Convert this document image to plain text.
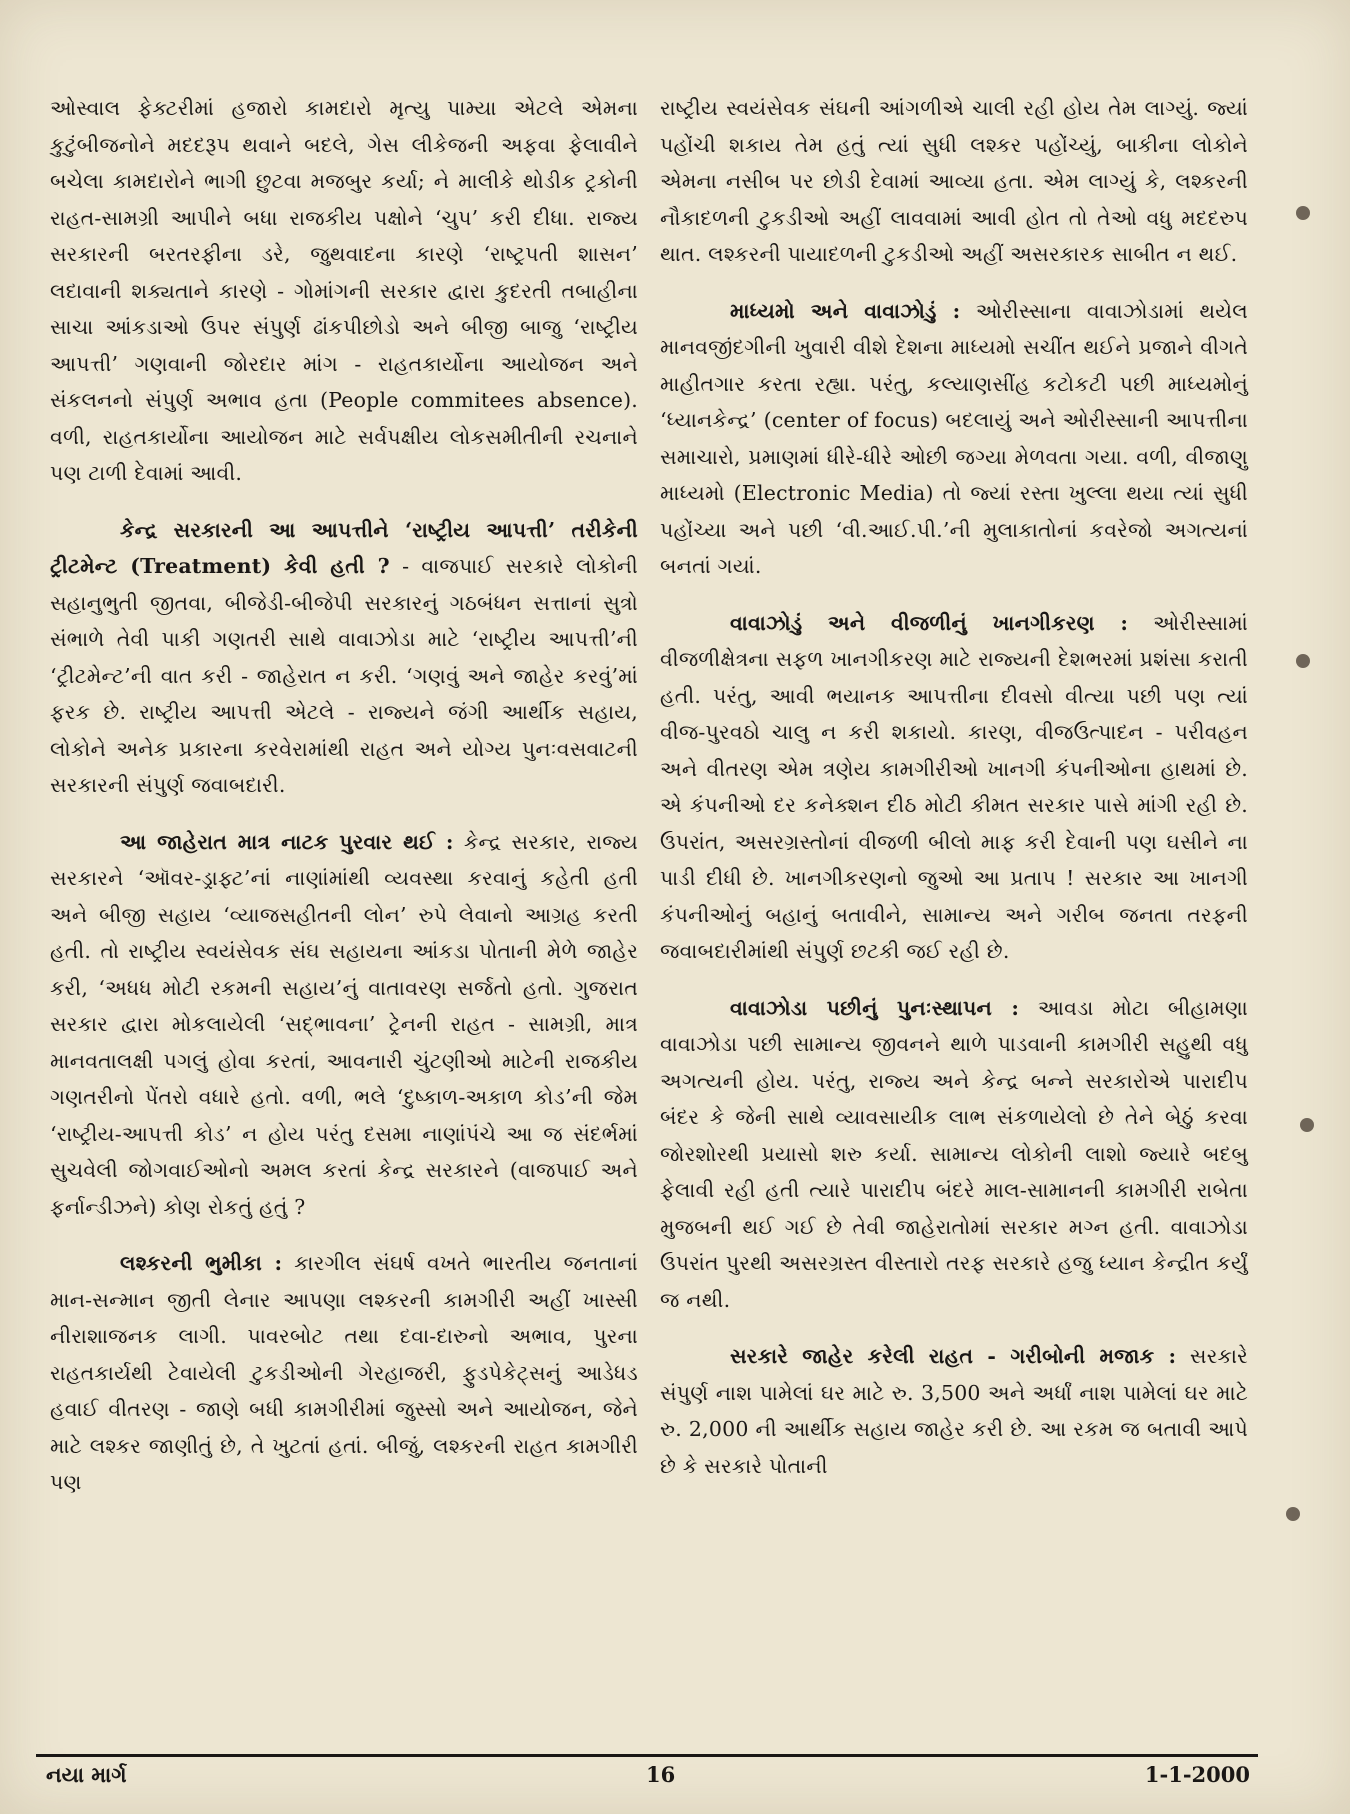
ઓસ્વાલ ફેક્ટરીમાં હજારો કામદારો મૃત્યુ પામ્યા એટલે એમના કુટુંબીજનોને મદદરૂપ થવાને બદલે, ગેસ લીકેજની અફવા ફેલાવીને બચેલા કામદારોને ભાગી છુટવા મજબુર કર્યા; ને માલીકે થોડીક ટ્રકોની રાહત-સામગ્રી આપીને બધા રાજકીય પક્ષોને ‘ચુપ’ કરી દીધા. રાજ્ય સરકારની બરતરફીના ડરે, જુથવાદના કારણે ‘રાષ્ટ્રપતી શાસન’ લદાવાની શક્યતાને કારણે - ગોમાંગની સરકાર દ્વારા કુદરતી તબાહીના સાચા આંકડાઓ ઉપર સંપુર્ણ ઢાંકપીછોડો અને બીજી બાજુ ‘રાષ્ટ્રીય આપત્તી’ ગણવાની જોરદાર માંગ - રાહતકાર્યોના આયોજન અને સંકલનનો સંપુર્ણ અભાવ હતા (People commitees absence). વળી, રાહતકાર્યોના આયોજન માટે સર્વપક્ષીય લોકસમીતીની રચનાને પણ ટાળી દેવામાં આવી.

કેન્દ્ર સરકારની આ આપત્તીને ‘રાષ્ટ્રીય આપત્તી’ તરીકેની ટ્રીટમેન્ટ (Treatment) કેવી હતી ? - વાજપાઈ સરકારે લોકોની સહાનુભુતી જીતવા, બીજેડી-બીજેપી સરકારનું ગઠબંધન સત્તાનાં સુત્રો સંભાળે તેવી પાકી ગણતરી સાથે વાવાઝોડા માટે ‘રાષ્ટ્રીય આપત્તી’ની ‘ટ્રીટમેન્ટ’ની વાત કરી - જાહેરાત ન કરી. ‘ગણવું અને જાહેર કરવું’માં ફરક છે. રાષ્ટ્રીય આપત્તી એટલે - રાજ્યને જંગી આર્થીક સહાય, લોકોને અનેક પ્રકારના કરવેરામાંથી રાહત અને યોગ્ય પુનઃવસવાટની સરકારની સંપુર્ણ જવાબદારી.

આ જાહેરાત માત્ર નાટક પુરવાર થઈ : કેન્દ્ર સરકાર, રાજ્ય સરકારને ‘ઑવર-ડ્રાફ્ટ’નાં નાણાંમાંથી વ્યવસ્થા કરવાનું કહેતી હતી અને બીજી સહાય ‘વ્યાજસહીતની લોન’ રુપે લેવાનો આગ્રહ કરતી હતી. તો રાષ્ટ્રીય સ્વયંસેવક સંઘ સહાયના આંકડા પોતાની મેળે જાહેર કરી, ‘અધધ મોટી રકમની સહાય’નું વાતાવરણ સર્જતો હતો. ગુજરાત સરકાર દ્વારા મોકલાયેલી ‘સદ્ભાવના’ ટ્રેનની રાહત - સામગ્રી, માત્ર માનવતાલક્ષી પગલું હોવા કરતાં, આવનારી ચુંટણીઓ માટેની રાજકીય ગણતરીનો પેંતરો વધારે હતો. વળી, ભલે ‘દુષ્કાળ-અકાળ કોડ’ની જેમ ‘રાષ્ટ્રીય-આપત્તી કોડ’ ન હોય પરંતુ દસમા નાણાંપંચે આ જ સંદર્ભમાં સુચવેલી જોગવાઈઓનો અમલ કરતાં કેન્દ્ર સરકારને (વાજપાઈ અને ફર્નાન્ડીઝને) કોણ રોકતું હતું ?

લશ્કરની ભુમીકા : કારગીલ સંઘર્ષ વખતે ભારતીય જનતાનાં માન-સન્માન જીતી લેનાર આપણા લશ્કરની કામગીરી અહીં ખાસ્સી નીરાશાજનક લાગી. પાવરબોટ તથા દવા-દારુનો અભાવ, પુરના રાહતકાર્યથી ટેવાયેલી ટુકડીઓની ગેરહાજરી, ફુડપેકેટ્સનું આડેધડ હવાઈ વીતરણ - જાણે બધી કામગીરીમાં જુસ્સો અને આયોજન, જેને માટે લશ્કર જાણીતું છે, તે ખુટતાં હતાં. બીજું, લશ્કરની રાહત કામગીરી પણ

રાષ્ટ્રીય સ્વયંસેવક સંઘની આંગળીએ ચાલી રહી હોય તેમ લાગ્યું. જ્યાં પહોંચી શકાય તેમ હતું ત્યાં સુધી લશ્કર પહોંચ્યું, બાકીના લોકોને એમના નસીબ પર છોડી દેવામાં આવ્યા હતા. એમ લાગ્યું કે, લશ્કરની નૌકાદળની ટુકડીઓ અહીં લાવવામાં આવી હોત તો તેઓ વધુ મદદરુપ થાત. લશ્કરની પાયાદળની ટુકડીઓ અહીં અસરકારક સાબીત ન થઈ.

માધ્યમો અને વાવાઝોડું : ઓરીસ્સાના વાવાઝોડામાં થયેલ માનવજીંદગીની ખુવારી વીશે દેશના માધ્યમો સચીંત થઈને પ્રજાને વીગતે માહીતગાર કરતા રહ્યા. પરંતુ, કલ્યાણસીંહ કટોકટી પછી માધ્યમોનું ‘ધ્યાનકેન્દ્ર’ (center of focus) બદલાયું અને ઓરીસ્સાની આપત્તીના સમાચારો, પ્રમાણમાં ધીરે-ધીરે ઓછી જગ્યા મેળવતા ગયા. વળી, વીજાણુ માધ્યમો (Electronic Media) તો જ્યાં રસ્તા ખુલ્લા થયા ત્યાં સુધી પહોંચ્યા અને પછી ‘વી.આઈ.પી.’ની મુલાકાતોનાં કવરેજો અગત્યનાં બનતાં ગયાં.

વાવાઝોડું અને વીજળીનું ખાનગીકરણ : ઓરીસ્સામાં વીજળીક્ષેત્રના સફળ ખાનગીકરણ માટે રાજ્યની દેશભરમાં પ્રશંસા કરાતી હતી. પરંતુ, આવી ભયાનક આપત્તીના દીવસો વીત્યા પછી પણ ત્યાં વીજ-પુરવઠો ચાલુ ન કરી શકાયો. કારણ, વીજઉત્પાદન - પરીવહન અને વીતરણ એમ ત્રણેય કામગીરીઓ ખાનગી કંપનીઓના હાથમાં છે. એ કંપનીઓ દર કનેક્શન દીઠ મોટી કીમત સરકાર પાસે માંગી રહી છે. ઉપરાંત, અસરગ્રસ્તોનાં વીજળી બીલો માફ કરી દેવાની પણ ઘસીને ના પાડી દીધી છે. ખાનગીકરણનો જુઓ આ પ્રતાપ ! સરકાર આ ખાનગી કંપનીઓનું બહાનું બતાવીને, સામાન્ય અને ગરીબ જનતા તરફની જવાબદારીમાંથી સંપુર્ણ છટકી જઈ રહી છે.

વાવાઝોડા પછીનું પુનઃસ્થાપન : આવડા મોટા બીહામણા વાવાઝોડા પછી સામાન્ય જીવનને થાળે પાડવાની કામગીરી સહુથી વધુ અગત્યની હોય. પરંતુ, રાજ્ય અને કેન્દ્ર બન્ને સરકારોએ પારાદીપ બંદર કે જેની સાથે વ્યાવસાયીક લાભ સંકળાયેલો છે તેને બેઠું કરવા જોરશોરથી પ્રયાસો શરુ કર્યા. સામાન્ય લોકોની લાશો જ્યારે બદબુ ફેલાવી રહી હતી ત્યારે પારાદીપ બંદરે માલ-સામાનની કામગીરી રાબેતા મુજબની થઈ ગઈ છે તેવી જાહેરાતોમાં સરકાર મગ્ન હતી. વાવાઝોડા ઉપરાંત પુરથી અસરગ્રસ્ત વીસ્તારો તરફ સરકારે હજુ ધ્યાન કેન્દ્રીત કર્યું જ નથી.

સરકારે જાહેર કરેલી રાહત - ગરીબોની મજાક : સરકારે સંપુર્ણ નાશ પામેલાં ઘર માટે રુ. 3,500 અને અર્ધાં નાશ પામેલાં ઘર માટે રુ. 2,000 ની આર્થીક સહાય જાહેર કરી છે. આ રકમ જ બતાવી આપે છે કે સરકારે પોતાની

નયા માર્ગ	16	1-1-2000
